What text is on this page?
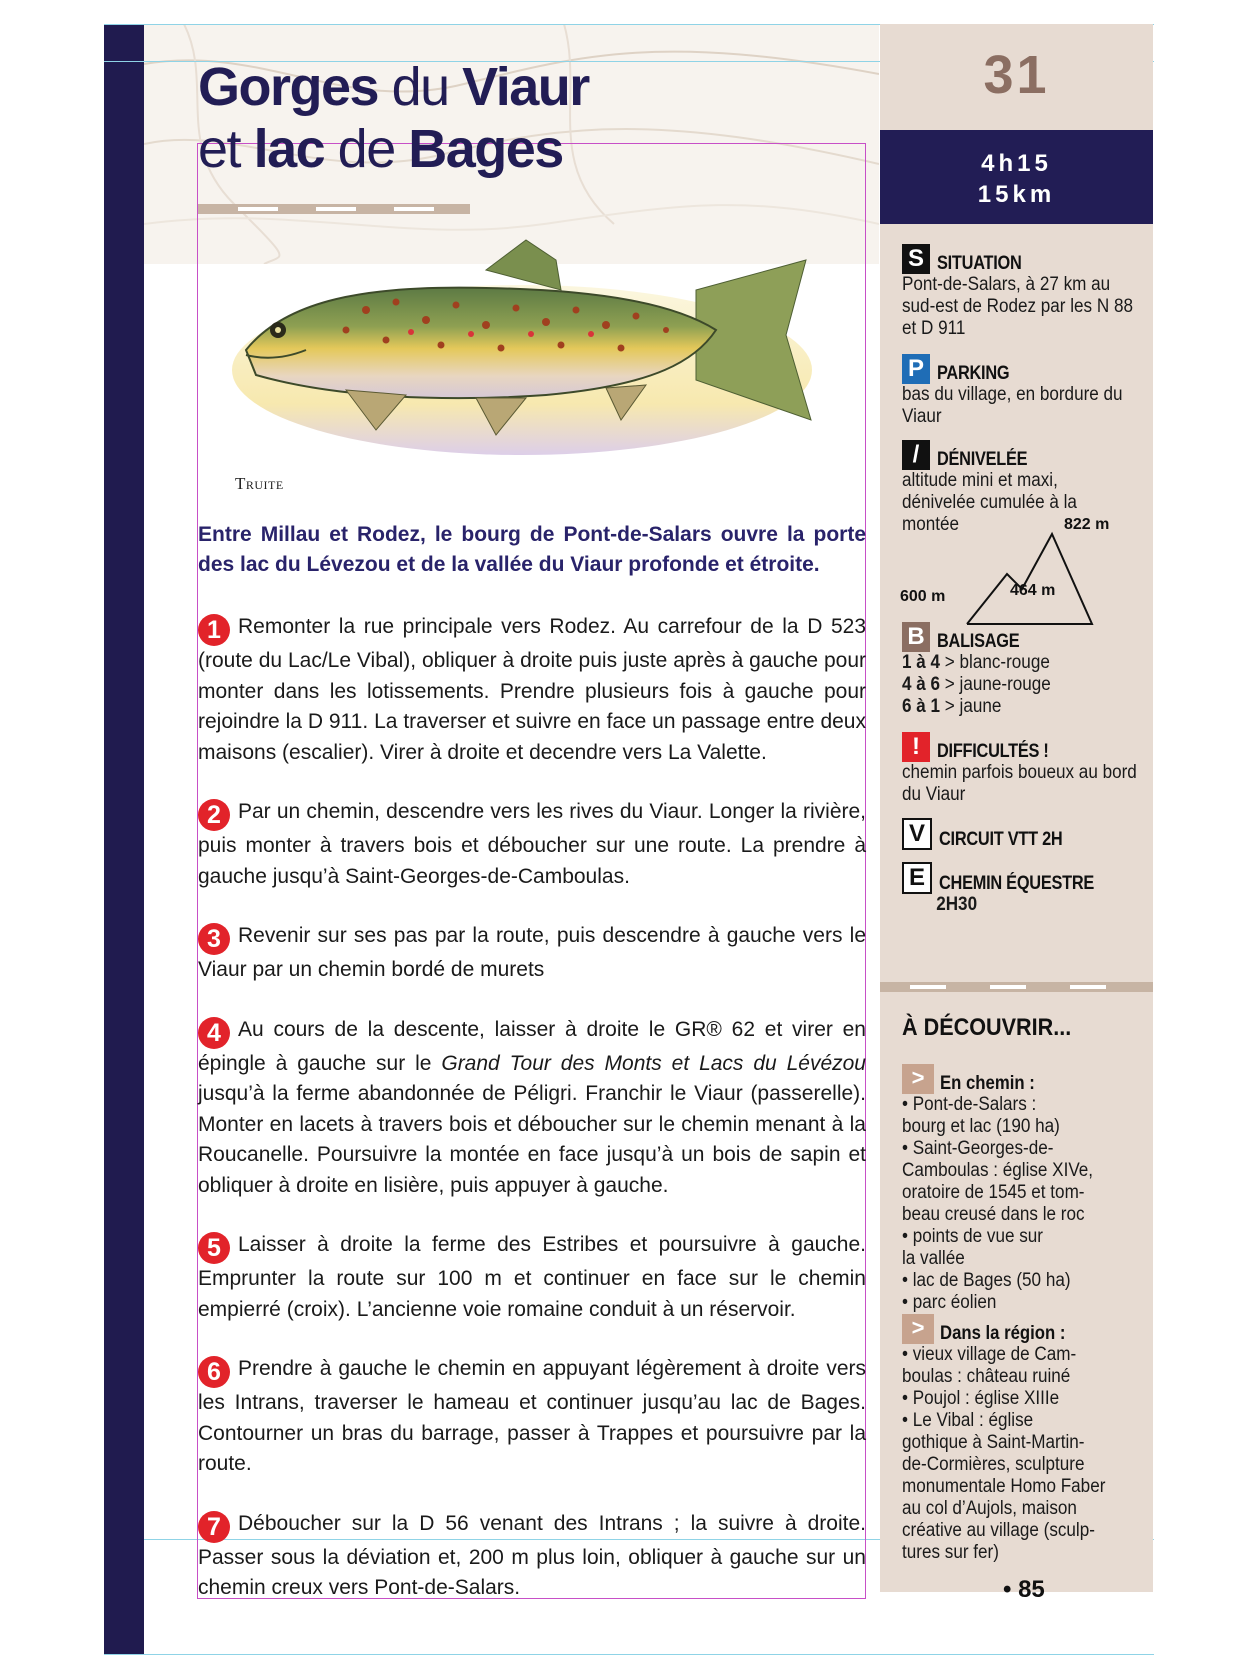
Gorges du Viaur
et lac de Bages
Truite
Entre Millau et Rodez, le bourg de Pont-de-Salars ouvre la porte des lac du Lévezou et de la vallée du Viaur profonde et étroite.
1 Remonter la rue principale vers Rodez. Au carrefour de la D 523 (route du Lac/Le Vibal), obliquer à droite puis juste après à gauche pour monter dans les lotissements. Prendre plusieurs fois à gauche pour rejoindre la D 911. La traverser et suivre en face un passage entre deux maisons (escalier). Virer à droite et decendre vers La Valette.
2 Par un chemin, descendre vers les rives du Viaur. Longer la rivière, puis monter à travers bois et déboucher sur une route. La prendre à gauche jusqu’à Saint-Georges-de-Camboulas.
3 Revenir sur ses pas par la route, puis descendre à gauche vers le Viaur par un chemin bordé de murets
4 Au cours de la descente, laisser à droite le GR® 62 et virer en épingle à gauche sur le Grand Tour des Monts et Lacs du Lévézou jusqu’à la ferme abandonnée de Péligri. Franchir le Viaur (passerelle). Monter en lacets à travers bois et déboucher sur le chemin menant à la Roucanelle. Poursuivre la montée en face jusqu’à un bois de sapin et obliquer à droite en lisière, puis appuyer à gauche.
5 Laisser à droite la ferme des Estribes et poursuivre à gauche. Emprunter la route sur 100 m et continuer en face sur le chemin empierré (croix). L’ancienne voie romaine conduit à un réservoir.
6 Prendre à gauche le chemin en appuyant légèrement à droite vers les Intrans, traverser le hameau et continuer jusqu’au lac de Bages. Contourner un bras du barrage, passer à Trappes et poursuivre par la route.
7 Déboucher sur la D 56 venant des Intrans ; la suivre à droite. Passer sous la déviation et, 200 m plus loin, obliquer à gauche sur un chemin creux vers Pont-de-Salars.
31
4h15
15km
S SITUATION
Pont-de-Salars, à 27 km au sud-est de Rodez par les N 88 et D 911
P PARKING
bas du village, en bordure du Viaur
/ DÉNIVELÉE
altitude mini et maxi, dénivelée cumulée à la montée	822 m
600 m	464 m
B BALISAGE
1 à 4 > blanc-rouge
4 à 6 > jaune-rouge
6 à 1 > jaune
! DIFFICULTÉS !
chemin parfois boueux au bord du Viaur
V CIRCUIT VTT 2H
E CHEMIN ÉQUESTRE
2H30
À DÉCOUVRIR...
> En chemin :
• Pont-de-Salars :
bourg et lac (190 ha)
• Saint-Georges-de-
Camboulas : église XIVe,
oratoire de 1545 et tom-
beau creusé dans le roc
• points de vue sur
la vallée
• lac de Bages (50 ha)
• parc éolien
> Dans la région :
• vieux village de Cam-
boulas : château ruiné
• Poujol : église XIIIe
• Le Vibal : église
gothique à Saint-Martin-
de-Cormières, sculpture
monumentale Homo Faber
au col d’Aujols, maison
créative au village (sculp-
tures sur fer)
• 85
